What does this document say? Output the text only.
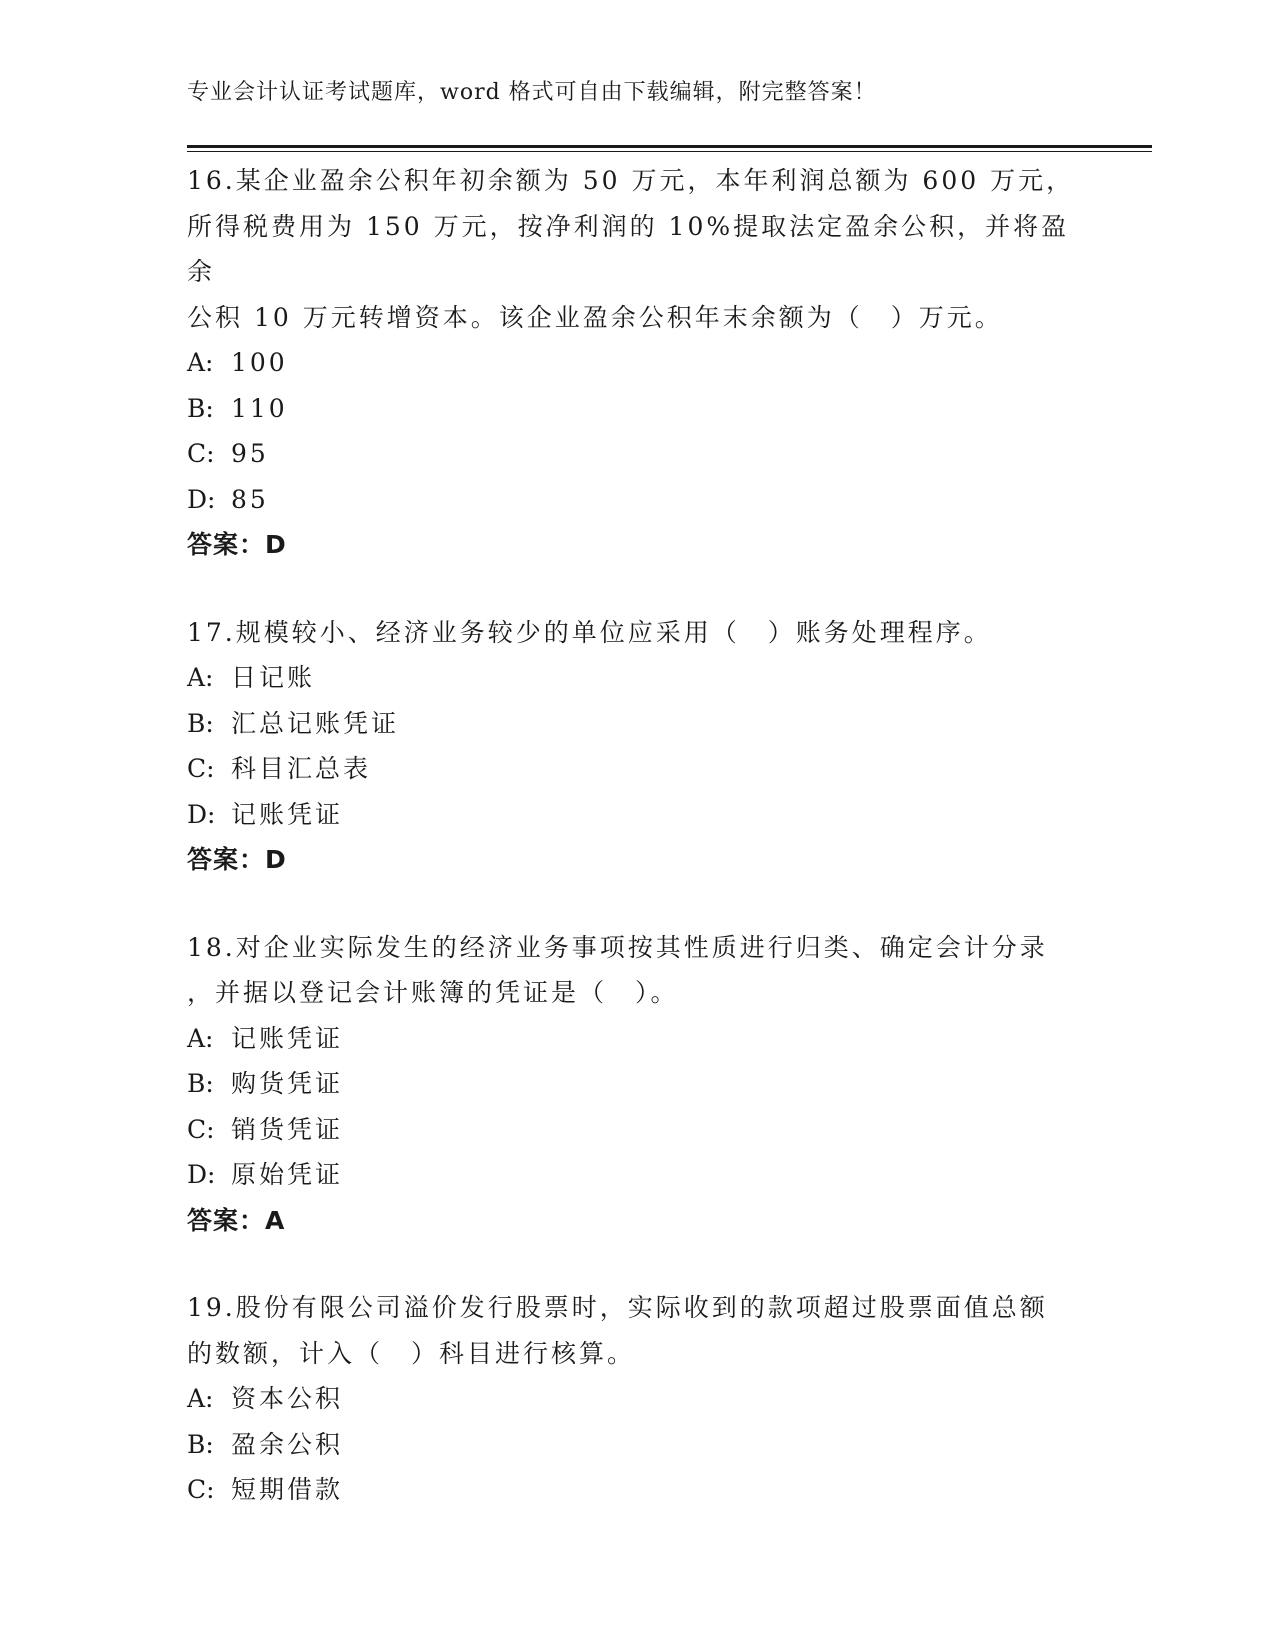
专业会计认证考试题库，word 格式可自由下载编辑，附完整答案！

16.某企业盈余公积年初余额为 50 万元，本年利润总额为 600 万元，
所得税费用为 150 万元，按净利润的 10%提取法定盈余公积，并将盈余
公积 10 万元转增资本。该企业盈余公积年末余额为（　）万元。

A: 100
B: 110
C: 95
D: 85
答案：D

17.规模较小、经济业务较少的单位应采用（　）账务处理程序。

A: 日记账
B: 汇总记账凭证
C: 科目汇总表
D: 记账凭证
答案：D

18.对企业实际发生的经济业务事项按其性质进行归类、确定会计分录
，并据以登记会计账簿的凭证是（　）。

A: 记账凭证
B: 购货凭证
C: 销货凭证
D: 原始凭证
答案：A

19.股份有限公司溢价发行股票时，实际收到的款项超过股票面值总额
的数额，计入（　）科目进行核算。

A: 资本公积
B: 盈余公积
C: 短期借款
